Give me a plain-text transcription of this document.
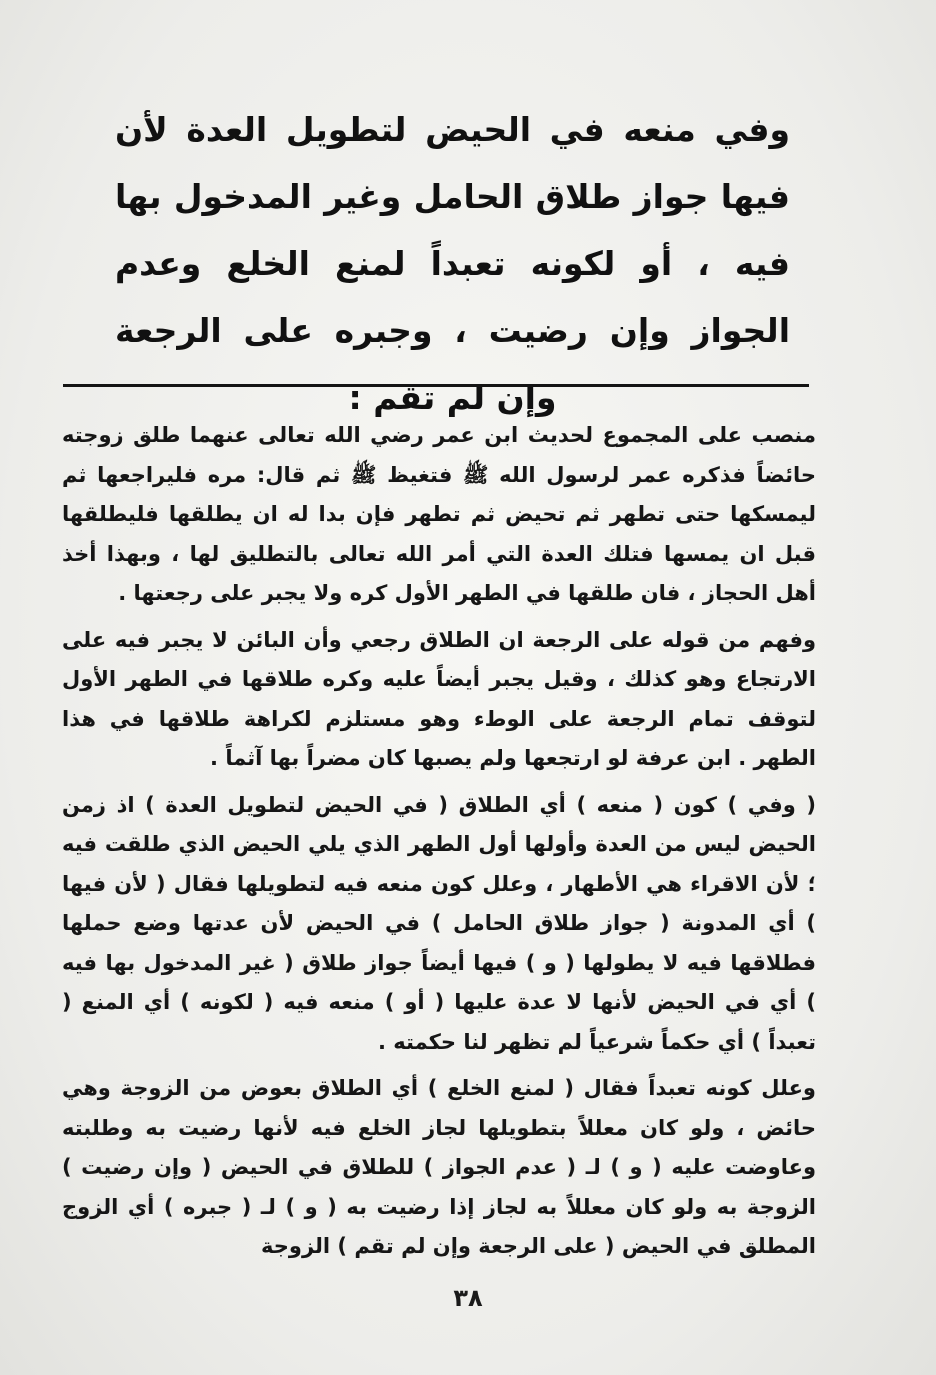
وفي منعه في الحيض لتطويل العدة لأن فيها جواز طلاق الحامل وغير المدخول بها فيه ، أو لكونه تعبداً لمنع الخلع وعدم الجواز وإن رضيت ، وجبره على الرجعة وإن لم تقم :

منصب على المجموع لحديث ابن عمر رضي الله تعالى عنهما طلق زوجته حائضاً فذكره عمر لرسول الله ﷺ فتغيظ ﷺ ثم قال: مره فليراجعها ثم ليمسكها حتى تطهر ثم تحيض ثم تطهر فإن بدا له ان يطلقها فليطلقها قبل ان يمسها فتلك العدة التي أمر الله تعالى بالتطليق لها ، وبهذا أخذ أهل الحجاز ، فان طلقها في الطهر الأول كره ولا يجبر على رجعتها .

وفهم من قوله على الرجعة ان الطلاق رجعي وأن البائن لا يجبر فيه على الارتجاع وهو كذلك ، وقيل يجبر أيضاً عليه وكره طلاقها في الطهر الأول لتوقف تمام الرجعة على الوطء وهو مستلزم لكراهة طلاقها في هذا الطهر . ابن عرفة لو ارتجعها ولم يصبها كان مضراً بها آثماً .

( وفي ) كون ( منعه ) أي الطلاق ( في الحيض لتطويل العدة ) اذ زمن الحيض ليس من العدة وأولها أول الطهر الذي يلي الحيض الذي طلقت فيه ؛ لأن الاقراء هي الأطهار ، وعلل كون منعه فيه لتطويلها فقال ( لأن فيها ) أي المدونة ( جواز طلاق الحامل ) في الحيض لأن عدتها وضع حملها فطلاقها فيه لا يطولها ( و ) فيها أيضاً جواز طلاق ( غير المدخول بها فيه ) أي في الحيض لأنها لا عدة عليها ( أو ) منعه فيه ( لكونه ) أي المنع ( تعبداً ) أي حكماً شرعياً لم تظهر لنا حكمته .

وعلل كونه تعبداً فقال ( لمنع الخلع ) أي الطلاق بعوض من الزوجة وهي حائض ، ولو كان معللاً بتطويلها لجاز الخلع فيه لأنها رضيت به وطلبته وعاوضت عليه ( و ) لـ ( عدم الجواز ) للطلاق في الحيض ( وإن رضيت ) الزوجة به ولو كان معللاً به لجاز إذا رضيت به ( و ) لـ ( جبره ) أي الزوج المطلق في الحيض ( على الرجعة وإن لم تقم ) الزوجة

٣٨
